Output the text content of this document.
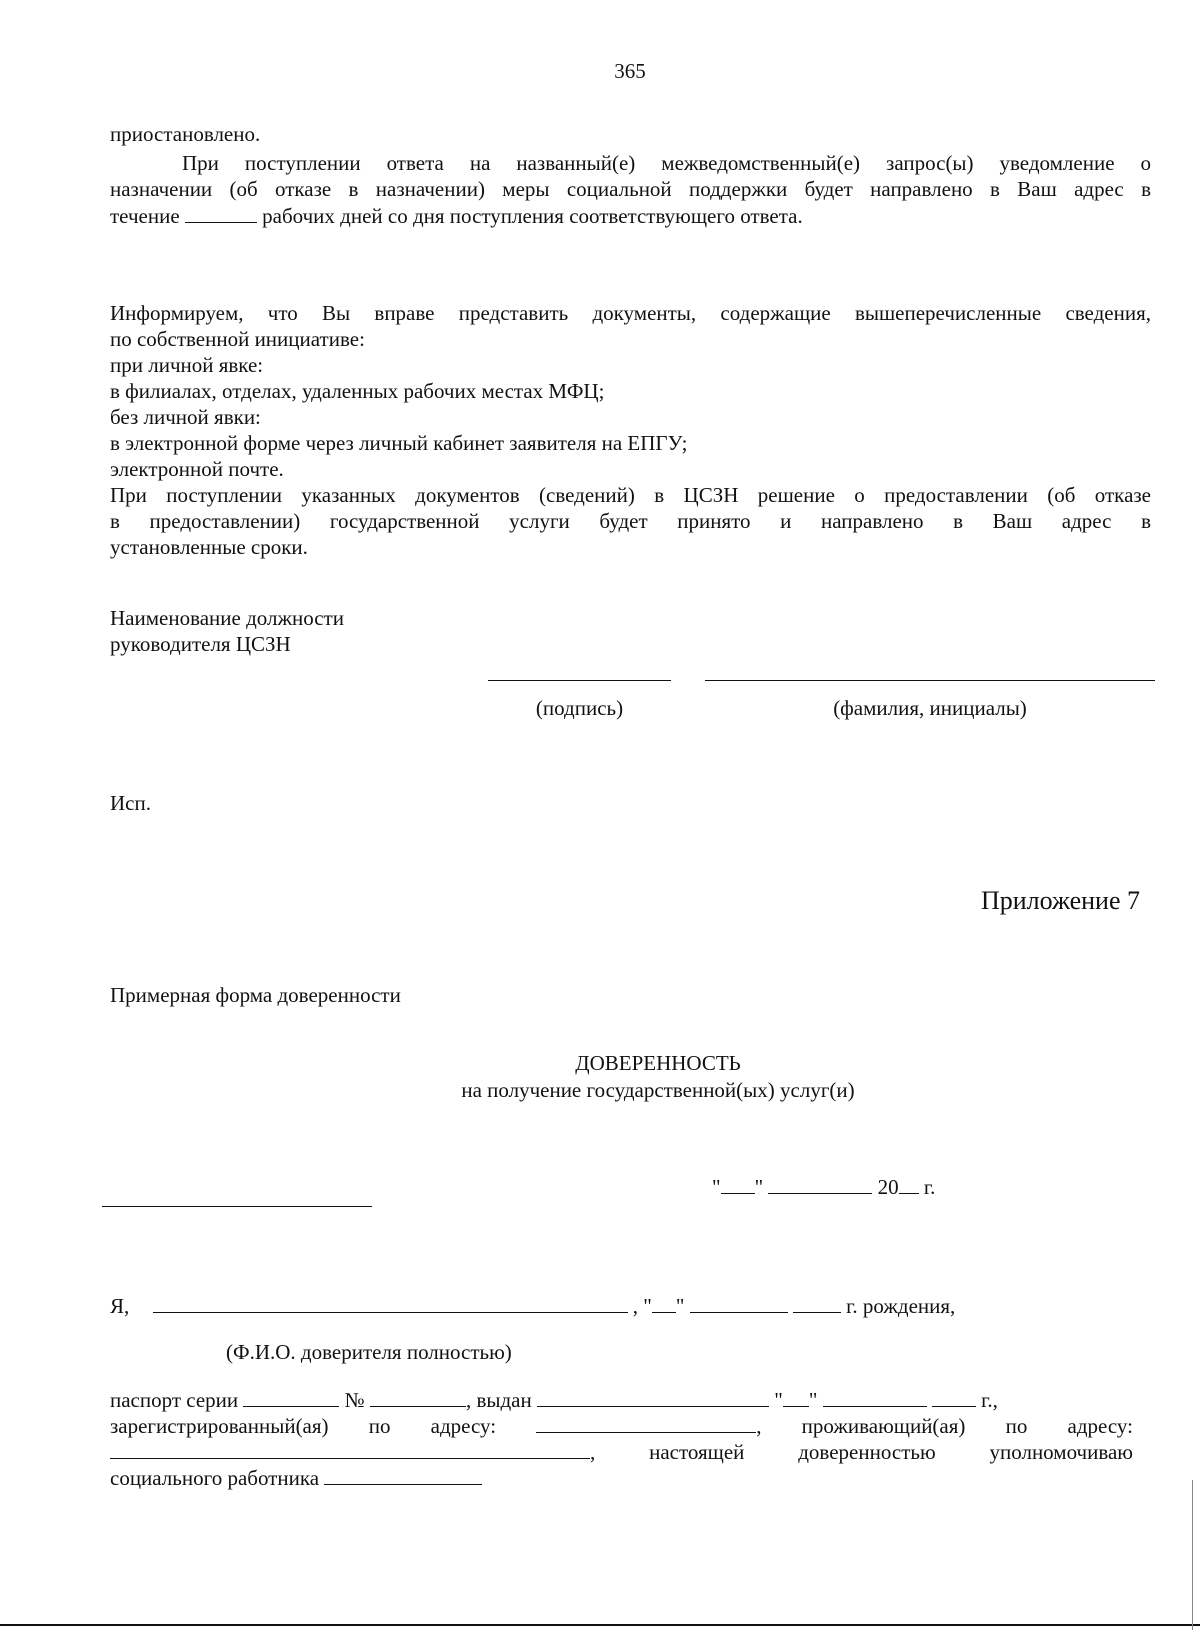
365
приостановлено.
При поступлении ответа на названный(е) межведомственный(е) запрос(ы) уведомление о
назначении (об отказе в назначении) меры социальной поддержки будет направлено в Ваш адрес в
течение	рабочих дней со дня поступления соответствующего ответа.
Информируем, что Вы вправе представить документы, содержащие вышеперечисленные сведения,
по собственной инициативе:
при личной явке:
в филиалах, отделах, удаленных рабочих местах МФЦ;
без личной явки:
в электронной форме через личный кабинет заявителя на ЕПГУ;
электронной почте.
При поступлении указанных документов (сведений) в ЦСЗН решение о предоставлении (об отказе
в предоставлении) государственной услуги будет принято и направлено в Ваш адрес в
установленные сроки.
Наименование должности
руководителя ЦСЗН
(подпись)	(фамилия, инициалы)
Исп.
Приложение 7
Примерная форма доверенности
ДОВЕРЕННОСТЬ
на получение государственной(ых) услуг(и)
" "	20 г.
Я,	, " "	г. рождения,
(Ф.И.О. доверителя полностью)
паспорт серии	№	, выдан	" "	г.,
зарегистрированный(ая) по адресу:	, проживающий(ая) по адресу:
,	настоящей	доверенностью	уполномочиваю
социального работника
